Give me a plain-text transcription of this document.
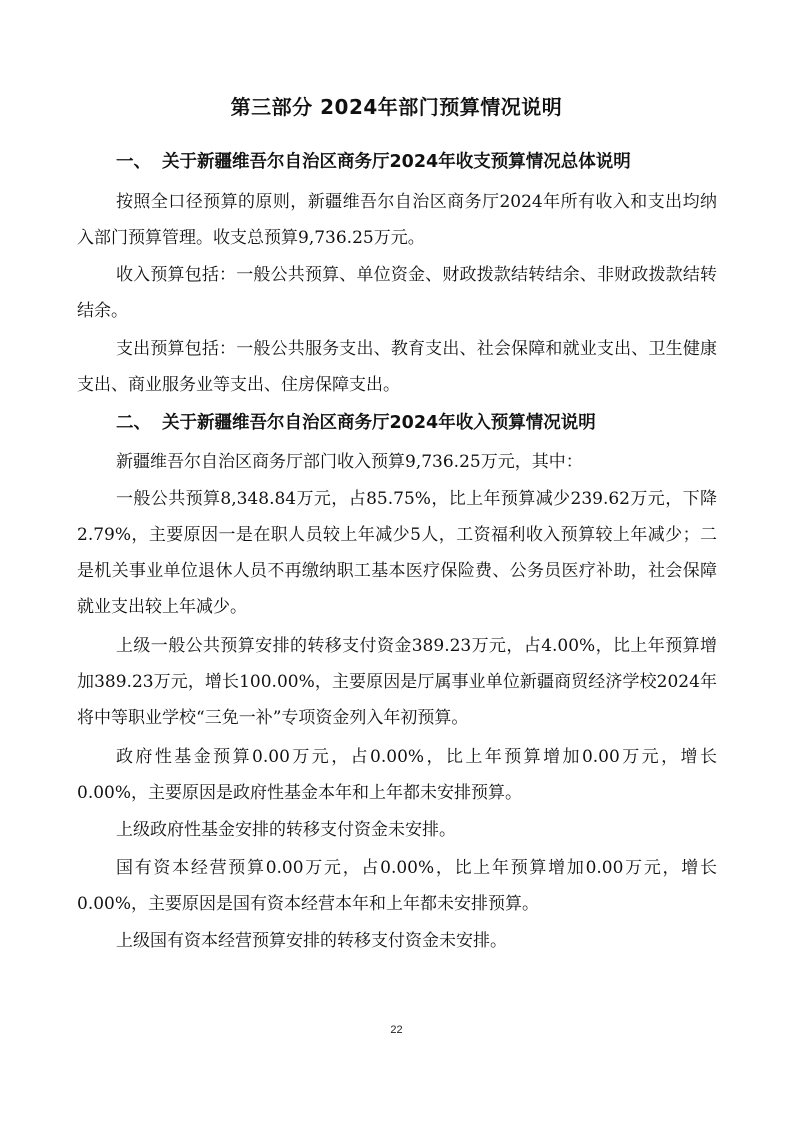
第三部分 2024年部门预算情况说明
一、 关于新疆维吾尔自治区商务厅2024年收支预算情况总体说明

按照全口径预算的原则，新疆维吾尔自治区商务厅2024年所有收入和支出均纳入部门预算管理。收支总预算9,736.25万元。

收入预算包括：一般公共预算、单位资金、财政拨款结转结余、非财政拨款结转结余。

支出预算包括：一般公共服务支出、教育支出、社会保障和就业支出、卫生健康支出、商业服务业等支出、住房保障支出。

二、 关于新疆维吾尔自治区商务厅2024年收入预算情况说明

新疆维吾尔自治区商务厅部门收入预算9,736.25万元，其中：

一般公共预算8,348.84万元，占85.75%，比上年预算减少239.62万元，下降2.79%，主要原因一是在职人员较上年减少5人，工资福利收入预算较上年减少；二是机关事业单位退休人员不再缴纳职工基本医疗保险费、公务员医疗补助，社会保障就业支出较上年减少。

上级一般公共预算安排的转移支付资金389.23万元，占4.00%，比上年预算增加389.23万元，增长100.00%，主要原因是厅属事业单位新疆商贸经济学校2024年将中等职业学校“三免一补”专项资金列入年初预算。

政府性基金预算0.00万元，占0.00%，比上年预算增加0.00万元，增长0.00%，主要原因是政府性基金本年和上年都未安排预算。

上级政府性基金安排的转移支付资金未安排。

国有资本经营预算0.00万元，占0.00%，比上年预算增加0.00万元，增长0.00%，主要原因是国有资本经营本年和上年都未安排预算。

上级国有资本经营预算安排的转移支付资金未安排。

22
